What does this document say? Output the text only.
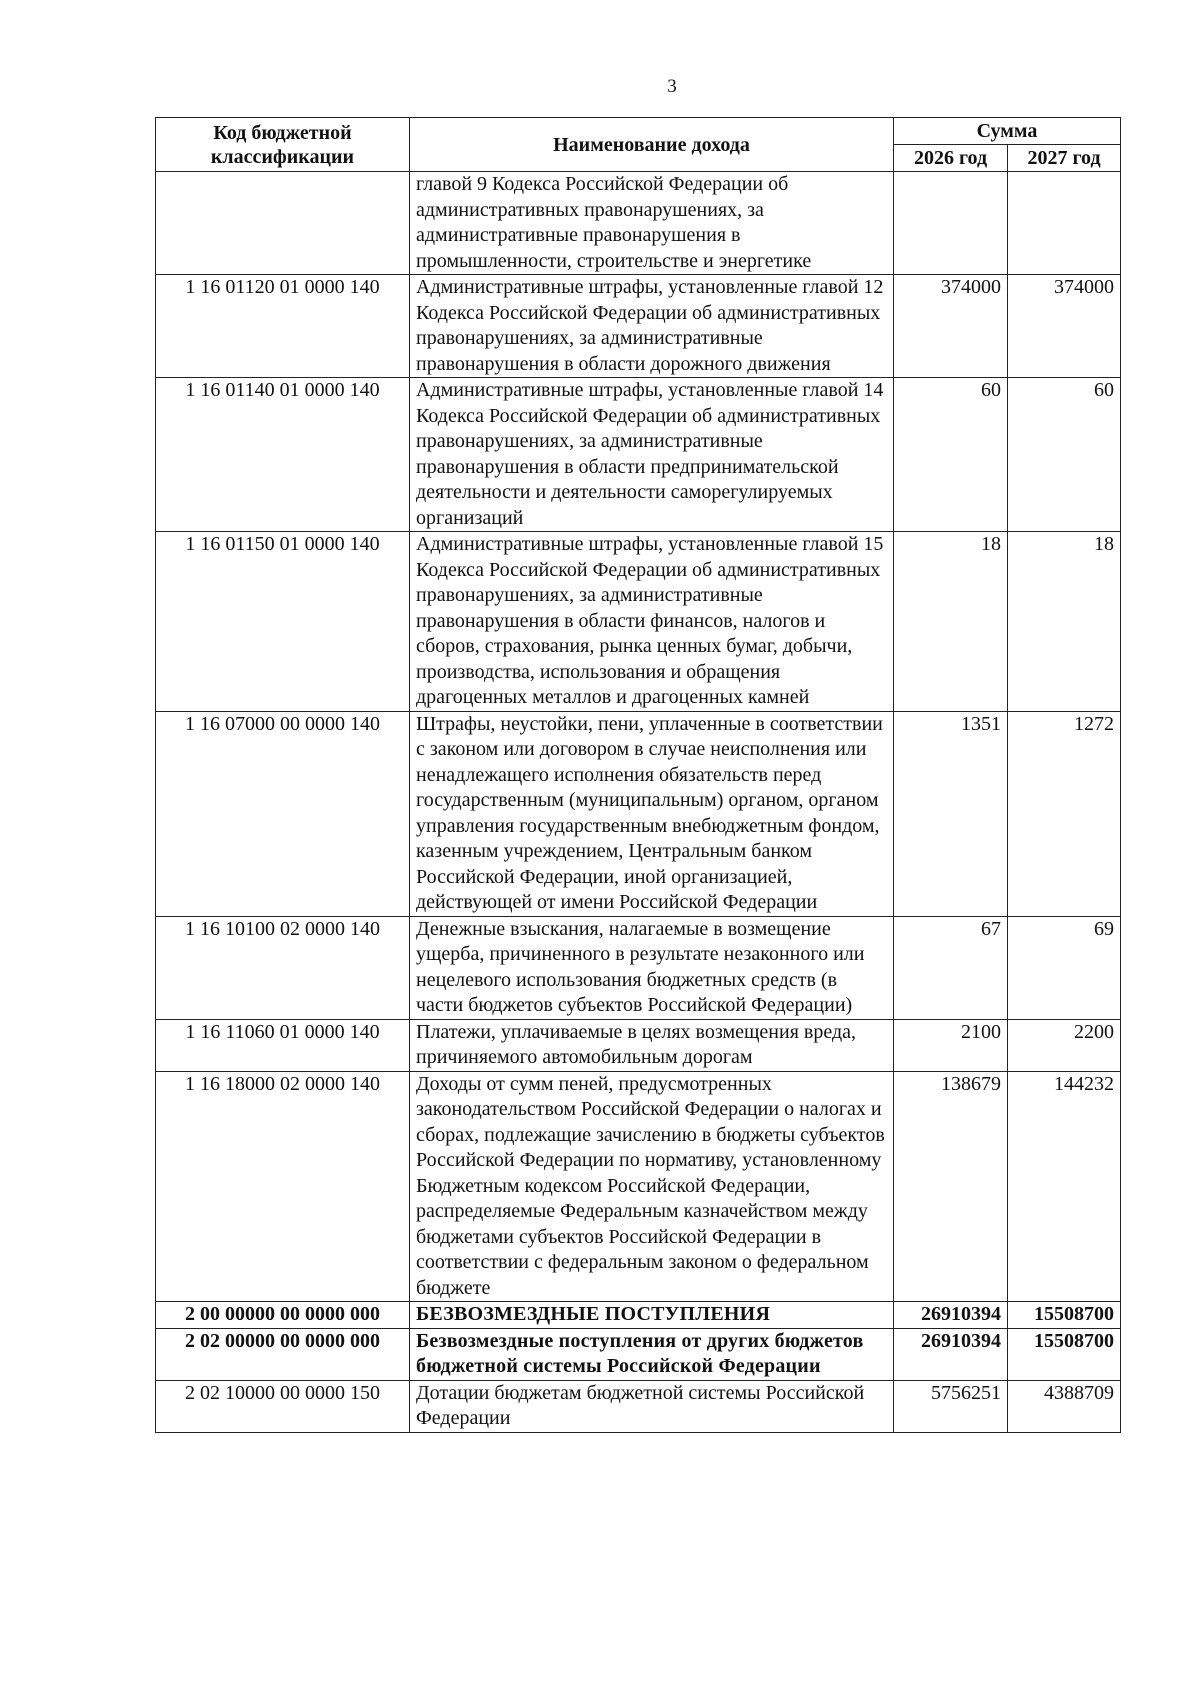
3
Код бюджетной классификации	Наименование дохода	Сумма	
		2026 год	2027 год
	главой 9 Кодекса Российской Федерации об административных правонарушениях, за административные правонарушения в промышленности, строительстве и энергетике		
1 16 01120 01 0000 140	Административные штрафы, установленные главой 12 Кодекса Российской Федерации об административных правонарушениях, за административные правонарушения в области дорожного движения	374000	374000
1 16 01140 01 0000 140	Административные штрафы, установленные главой 14 Кодекса Российской Федерации об административных правонарушениях, за административные правонарушения в области предпринимательской деятельности и деятельности саморегулируемых организаций	60	60
1 16 01150 01 0000 140	Административные штрафы, установленные главой 15 Кодекса Российской Федерации об административных правонарушениях, за административные правонарушения в области финансов, налогов и сборов, страхования, рынка ценных бумаг, добычи, производства, использования и обращения драгоценных металлов и драгоценных камней	18	18
1 16 07000 00 0000 140	Штрафы, неустойки, пени, уплаченные в соответствии с законом или договором в случае неисполнения или ненадлежащего исполнения обязательств перед государственным (муниципальным) органом, органом управления государственным внебюджетным фондом, казенным учреждением, Центральным банком Российской Федерации, иной организацией, действующей от имени Российской Федерации	1351	1272
1 16 10100 02 0000 140	Денежные взыскания, налагаемые в возмещение ущерба, причиненного в результате незаконного или нецелевого использования бюджетных средств (в части бюджетов субъектов Российской Федерации)	67	69
1 16 11060 01 0000 140	Платежи, уплачиваемые в целях возмещения вреда, причиняемого автомобильным дорогам	2100	2200
1 16 18000 02 0000 140	Доходы от сумм пеней, предусмотренных законодательством Российской Федерации о налогах и сборах, подлежащие зачислению в бюджеты субъектов Российской Федерации по нормативу, установленному Бюджетным кодексом Российской Федерации, распределяемые Федеральным казначейством между бюджетами субъектов Российской Федерации в соответствии с федеральным законом о федеральном бюджете	138679	144232
2 00 00000 00 0000 000	БЕЗВОЗМЕЗДНЫЕ ПОСТУПЛЕНИЯ	26910394	15508700
2 02 00000 00 0000 000	Безвозмездные поступления от других бюджетов бюджетной системы Российской Федерации	26910394	15508700
2 02 10000 00 0000 150	Дотации бюджетам бюджетной системы Российской Федерации	5756251	4388709
